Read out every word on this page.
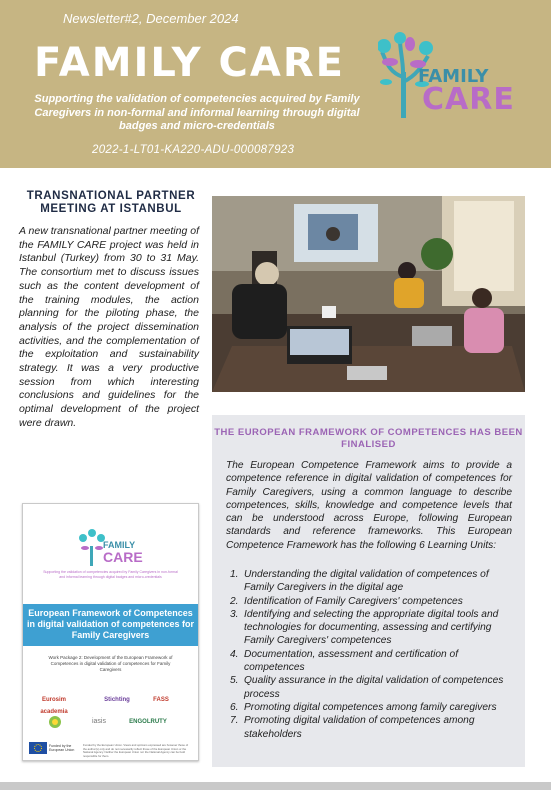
Newsletter#2, December 2024
FAMILY CARE
Supporting the validation of competencies acquired by Family Caregivers in non-formal and informal learning through digital badges and micro-credentials
2022-1-LT01-KA220-ADU-000087923
FAMILY
CARE
TRANSNATIONAL PARTNER MEETING AT ISTANBUL
A new transnational partner meeting of the FAMILY CARE project was held in Istanbul (Turkey) from 30 to 31 May. The consortium met to discuss issues such as the content development of the training modules, the action planning for the piloting phase, the analysis of the project dissemination activities, and the complementation of the exploitation and sustainability strategy. It was a very productive session from which interesting conclusions and guidelines for the optimal development of the project were drawn.
FAMILY
CARE
Supporting the validation of competencies acquired by Family Caregivers in non-formal and informal learning through digital badges and micro-credentials
European Framework of Competences in digital validation of competences for Family Caregivers
Work Package 2: Development of the European Framework of Competences in digital validation of competences for Family Caregivers
Eurosim academia
Stichting	FASS
iasis	ENGOLRUTY
Funded by the European Union
Funded by the European Union. Views and opinions expressed are however those of the author(s) only and do not necessarily reflect those of the European Union or the National Agency. Neither the European Union nor the National Agency can be held responsible for them.
THE EUROPEAN FRAMEWORK OF COMPETENCES HAS BEEN FINALISED
The European Competence Framework aims to provide a competence reference in digital validation of competences for Family Caregivers, using a common language to describe competences, skills, knowledge and competence levels that can be understood across Europe, following European standards and reference frameworks. This European Competence Framework has the following 6 Learning Units:
1. Understanding the digital validation of competences of Family Caregivers in the digital age
2. Identification of Family Caregivers' competences
3. Identifying and selecting the appropriate digital tools and technologies for documenting, assessing and certifying Family Caregivers' competences
4. Documentation, assessment and certification of competences
5. Quality assurance in the digital validation of competences process
6. Promoting digital competences among family caregivers
7. Promoting digital validation of competences among stakeholders
